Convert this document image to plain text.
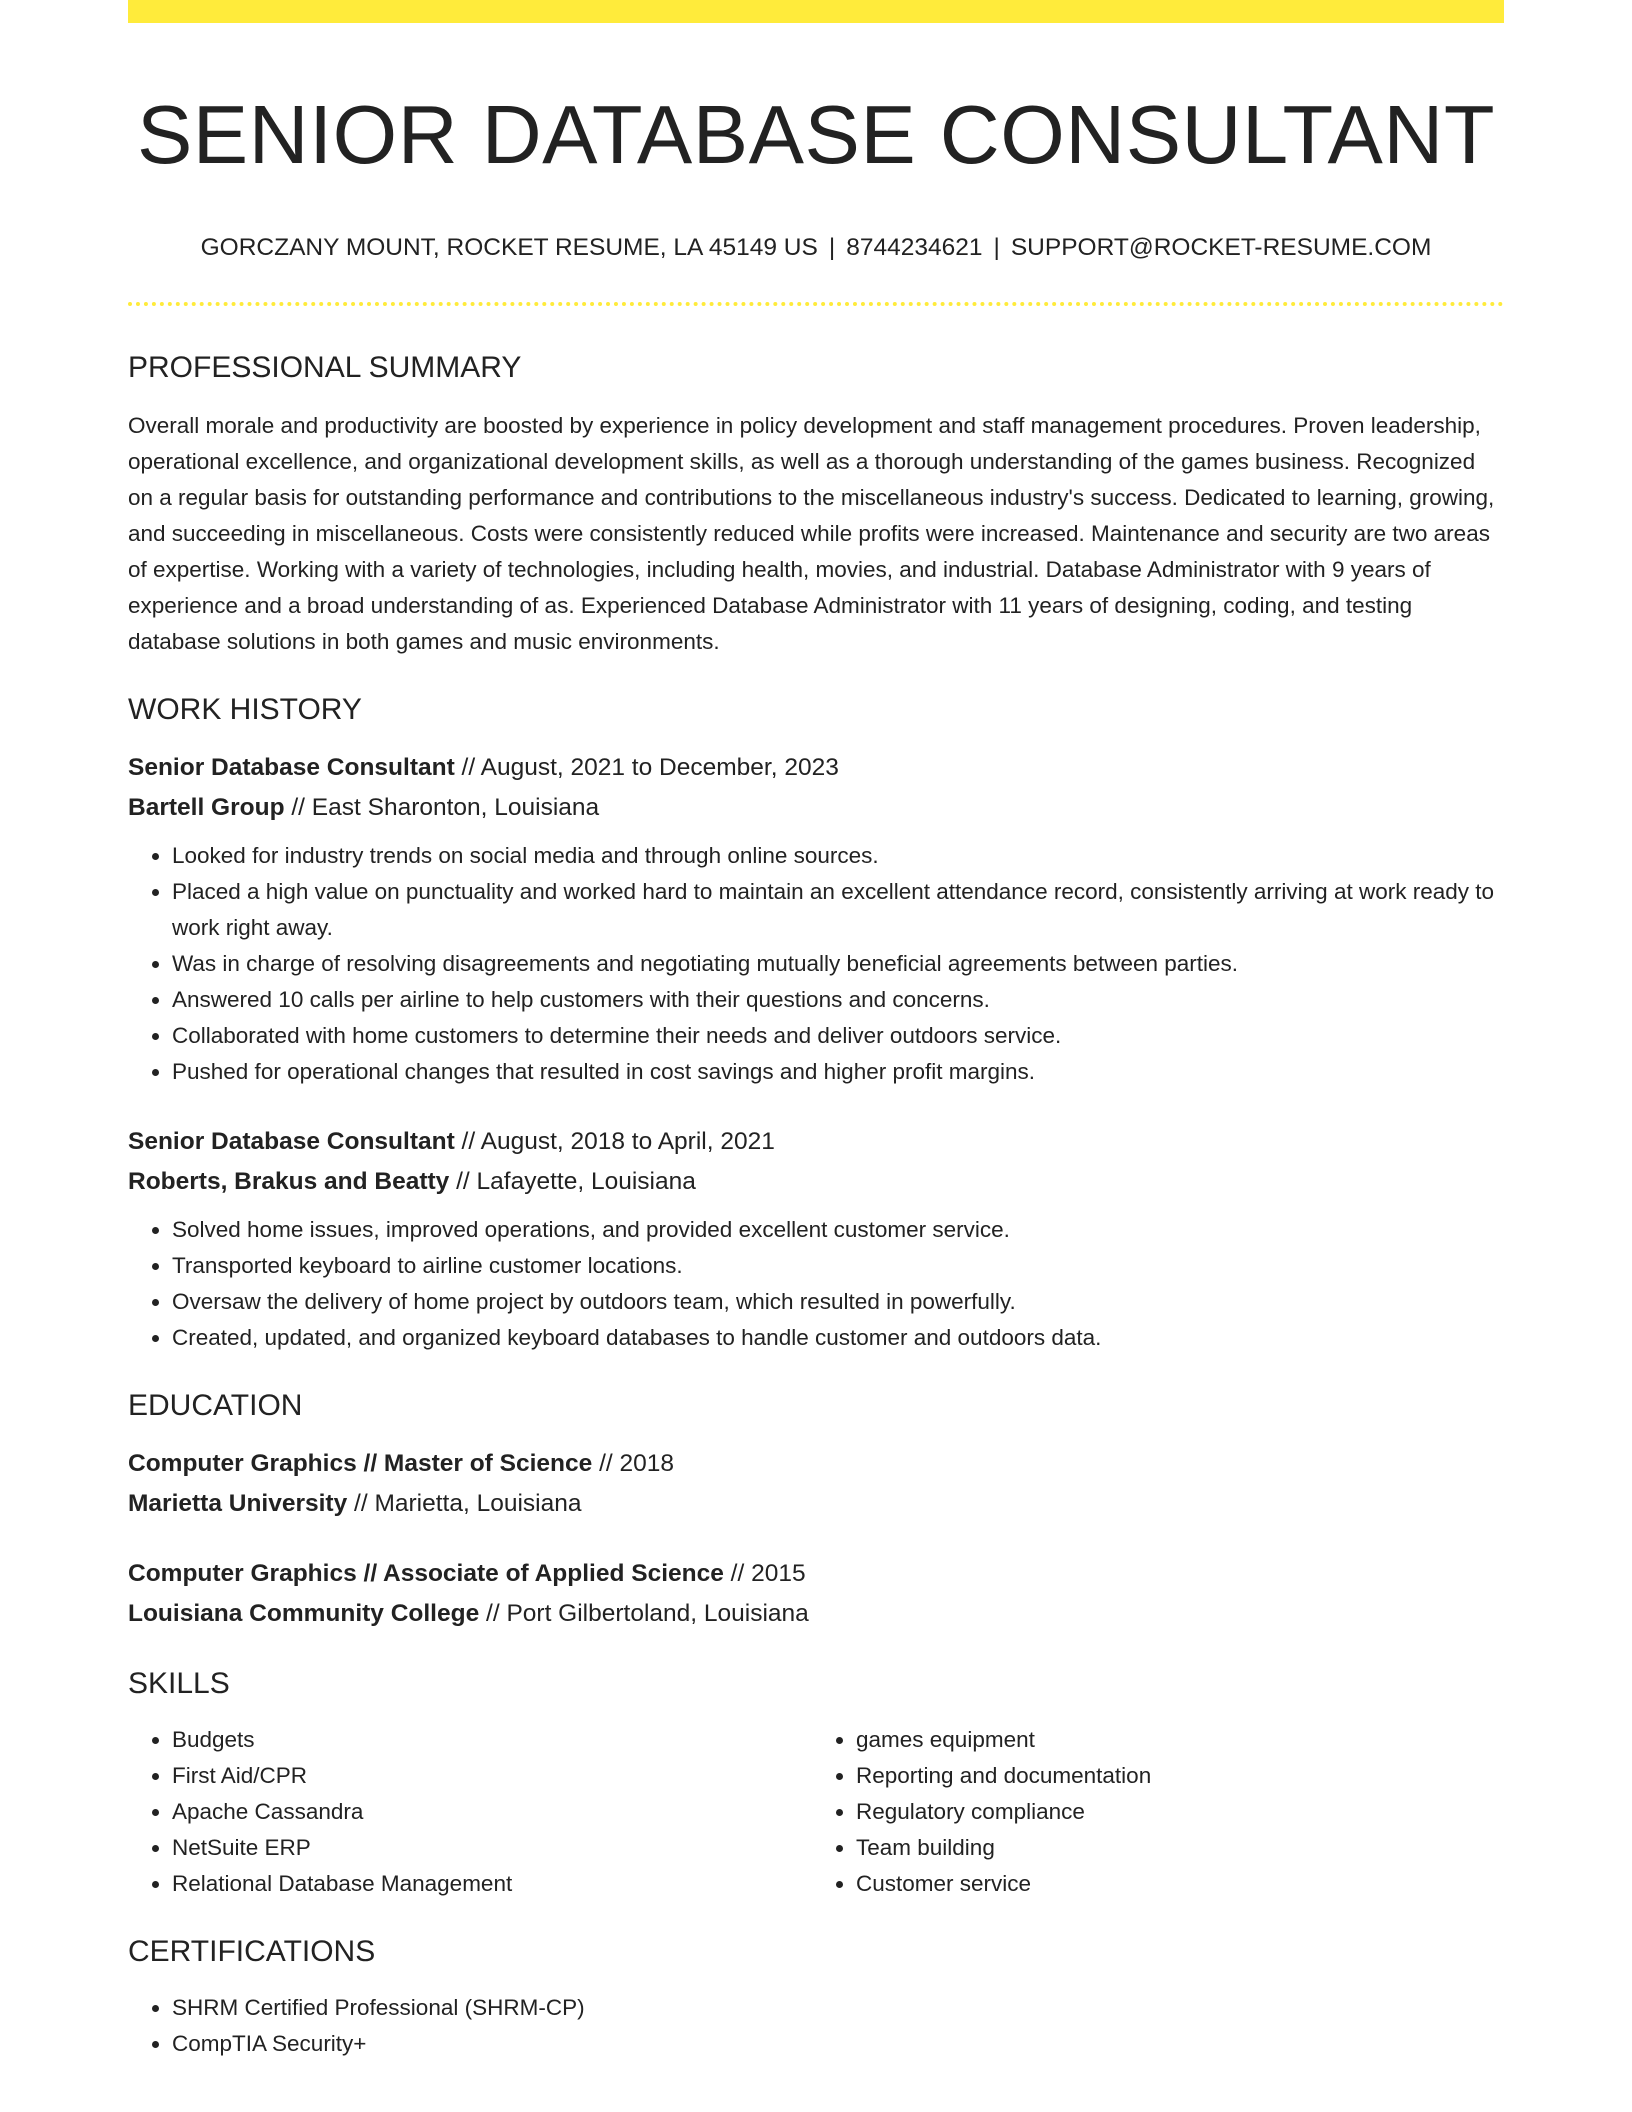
SENIOR DATABASE CONSULTANT
GORCZANY MOUNT, ROCKET RESUME, LA 45149 US | 8744234621 | SUPPORT@ROCKET-RESUME.COM
PROFESSIONAL SUMMARY

Overall morale and productivity are boosted by experience in policy development and staff management procedures. Proven leadership, operational excellence, and organizational development skills, as well as a thorough understanding of the games business. Recognized on a regular basis for outstanding performance and contributions to the miscellaneous industry's success. Dedicated to learning, growing, and succeeding in miscellaneous. Costs were consistently reduced while profits were increased. Maintenance and security are two areas of expertise. Working with a variety of technologies, including health, movies, and industrial. Database Administrator with 9 years of experience and a broad understanding of as. Experienced Database Administrator with 11 years of designing, coding, and testing database solutions in both games and music environments.

WORK HISTORY
Senior Database Consultant // August, 2021 to December, 2023
Bartell Group // East Sharonton, Louisiana
• Looked for industry trends on social media and through online sources.
• Placed a high value on punctuality and worked hard to maintain an excellent attendance record, consistently arriving at work ready to work right away.
• Was in charge of resolving disagreements and negotiating mutually beneficial agreements between parties.
• Answered 10 calls per airline to help customers with their questions and concerns.
• Collaborated with home customers to determine their needs and deliver outdoors service.
• Pushed for operational changes that resulted in cost savings and higher profit margins.
Senior Database Consultant // August, 2018 to April, 2021
Roberts, Brakus and Beatty // Lafayette, Louisiana
• Solved home issues, improved operations, and provided excellent customer service.
• Transported keyboard to airline customer locations.
• Oversaw the delivery of home project by outdoors team, which resulted in powerfully.
• Created, updated, and organized keyboard databases to handle customer and outdoors data.
EDUCATION
Computer Graphics // Master of Science // 2018
Marietta University // Marietta, Louisiana
Computer Graphics // Associate of Applied Science // 2015
Louisiana Community College // Port Gilbertoland, Louisiana
SKILLS
• Budgets
• First Aid/CPR
• Apache Cassandra
• NetSuite ERP
• Relational Database Management
• games equipment
• Reporting and documentation
• Regulatory compliance
• Team building
• Customer service
CERTIFICATIONS
• SHRM Certified Professional (SHRM-CP)
• CompTIA Security+
